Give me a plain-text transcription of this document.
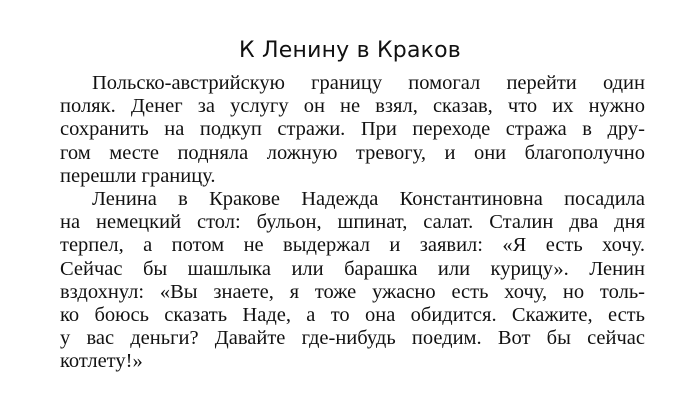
К Ленину в Краков
Польско-австрийскую границу помогал перейти один
поляк. Денег за услугу он не взял, сказав, что их нужно
сохранить на подкуп стражи. При переходе стража в дру-
гом месте подняла ложную тревогу, и они благополучно
перешли границу.
Ленина в Кракове Надежда Константиновна посадила
на немецкий стол: бульон, шпинат, салат. Сталин два дня
терпел, а потом не выдержал и заявил: «Я есть хочу.
Сейчас бы шашлыка или барашка или курицу». Ленин
вздохнул: «Вы знаете, я тоже ужасно есть хочу, но толь-
ко боюсь сказать Наде, а то она обидится. Скажите, есть
у вас деньги? Давайте где-нибудь поедим. Вот бы сейчас
котлету!»
